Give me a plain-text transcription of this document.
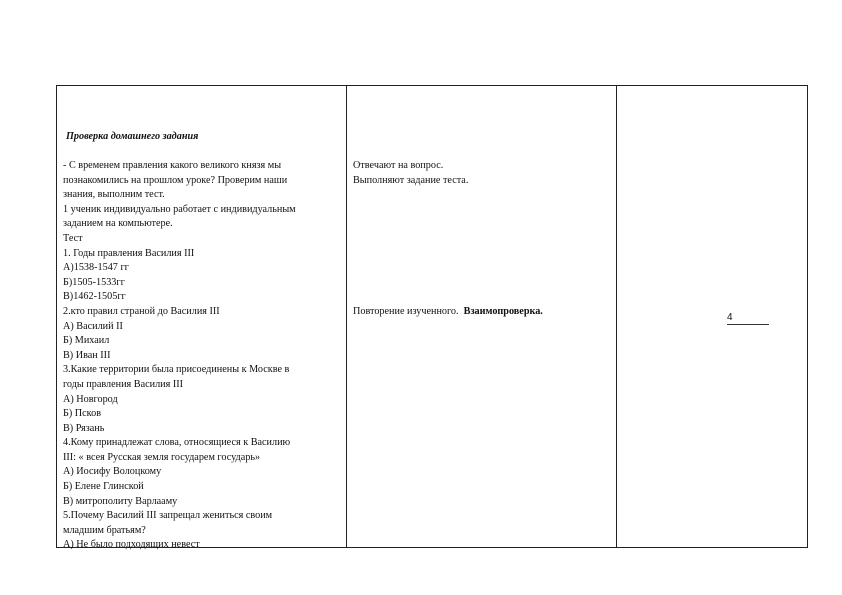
Проверка домашнего задания
- С временем правления какого великого князя мы
познакомились на прошлом уроке? Проверим наши
знания, выполним тест.
1 ученик индивидуально работает с индивидуальным
заданием на компьютере.
Тест
1. Годы правления Василия III
А)1538-1547 гг
Б)1505-1533гг
В)1462-1505гг
2.кто правил страной до Василия III
А) Василий II
Б) Михаил
В) Иван III
3.Какие территории была присоединены к Москве в
годы правления Василия III
А) Новгород
Б) Псков
В) Рязань
4.Кому принадлежат слова, относящиеся к Василию
III: « всея Русская земля государем государь»
А) Иосифу Волоцкому
Б) Елене Глинской
В) митрополиту Варлааму
5.Почему Василий III запрещал жениться своим
младшим братьям?
А) Не было подходящих невест
Отвечают на вопрос.
Выполняют задание теста.
Повторение изученного. Взаимопроверка.
4
